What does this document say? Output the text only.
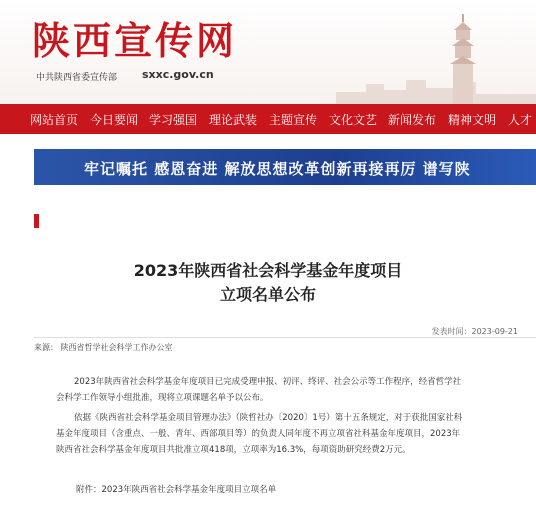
陕西宣传网
中共陕西省委宣传部 sxxc.gov.cn
网站首页 今日要闻 学习强国 理论武装 主题宣传 文化文艺 新闻发布 精神文明 人才
牢记嘱托 感恩奋进 解放思想改革创新再接再厉 谱写陕
2023年陕西省社会科学基金年度项目
立项名单公布
发表时间：2023-09-21
来源： 陕西省哲学社会科学工作办公室
2023年陕西省社会科学基金年度项目已完成受理申报、初评、终评、社会公示等工作程序，经省哲学社
会科学工作领导小组批准，现将立项课题名单予以公布。
依据《陕西省社会科学基金项目管理办法》（陕哲社办〔2020〕1号）第十五条规定，对于获批国家社科
基金年度项目（含重点、一般、青年、西部项目等）的负责人同年度不再立项省社科基金年度项目，2023年
陕西省社会科学基金年度项目共批准立项418项，立项率为16.3%，每项资助研究经费2万元。
附件：2023年陕西省社会科学基金年度项目立项名单
